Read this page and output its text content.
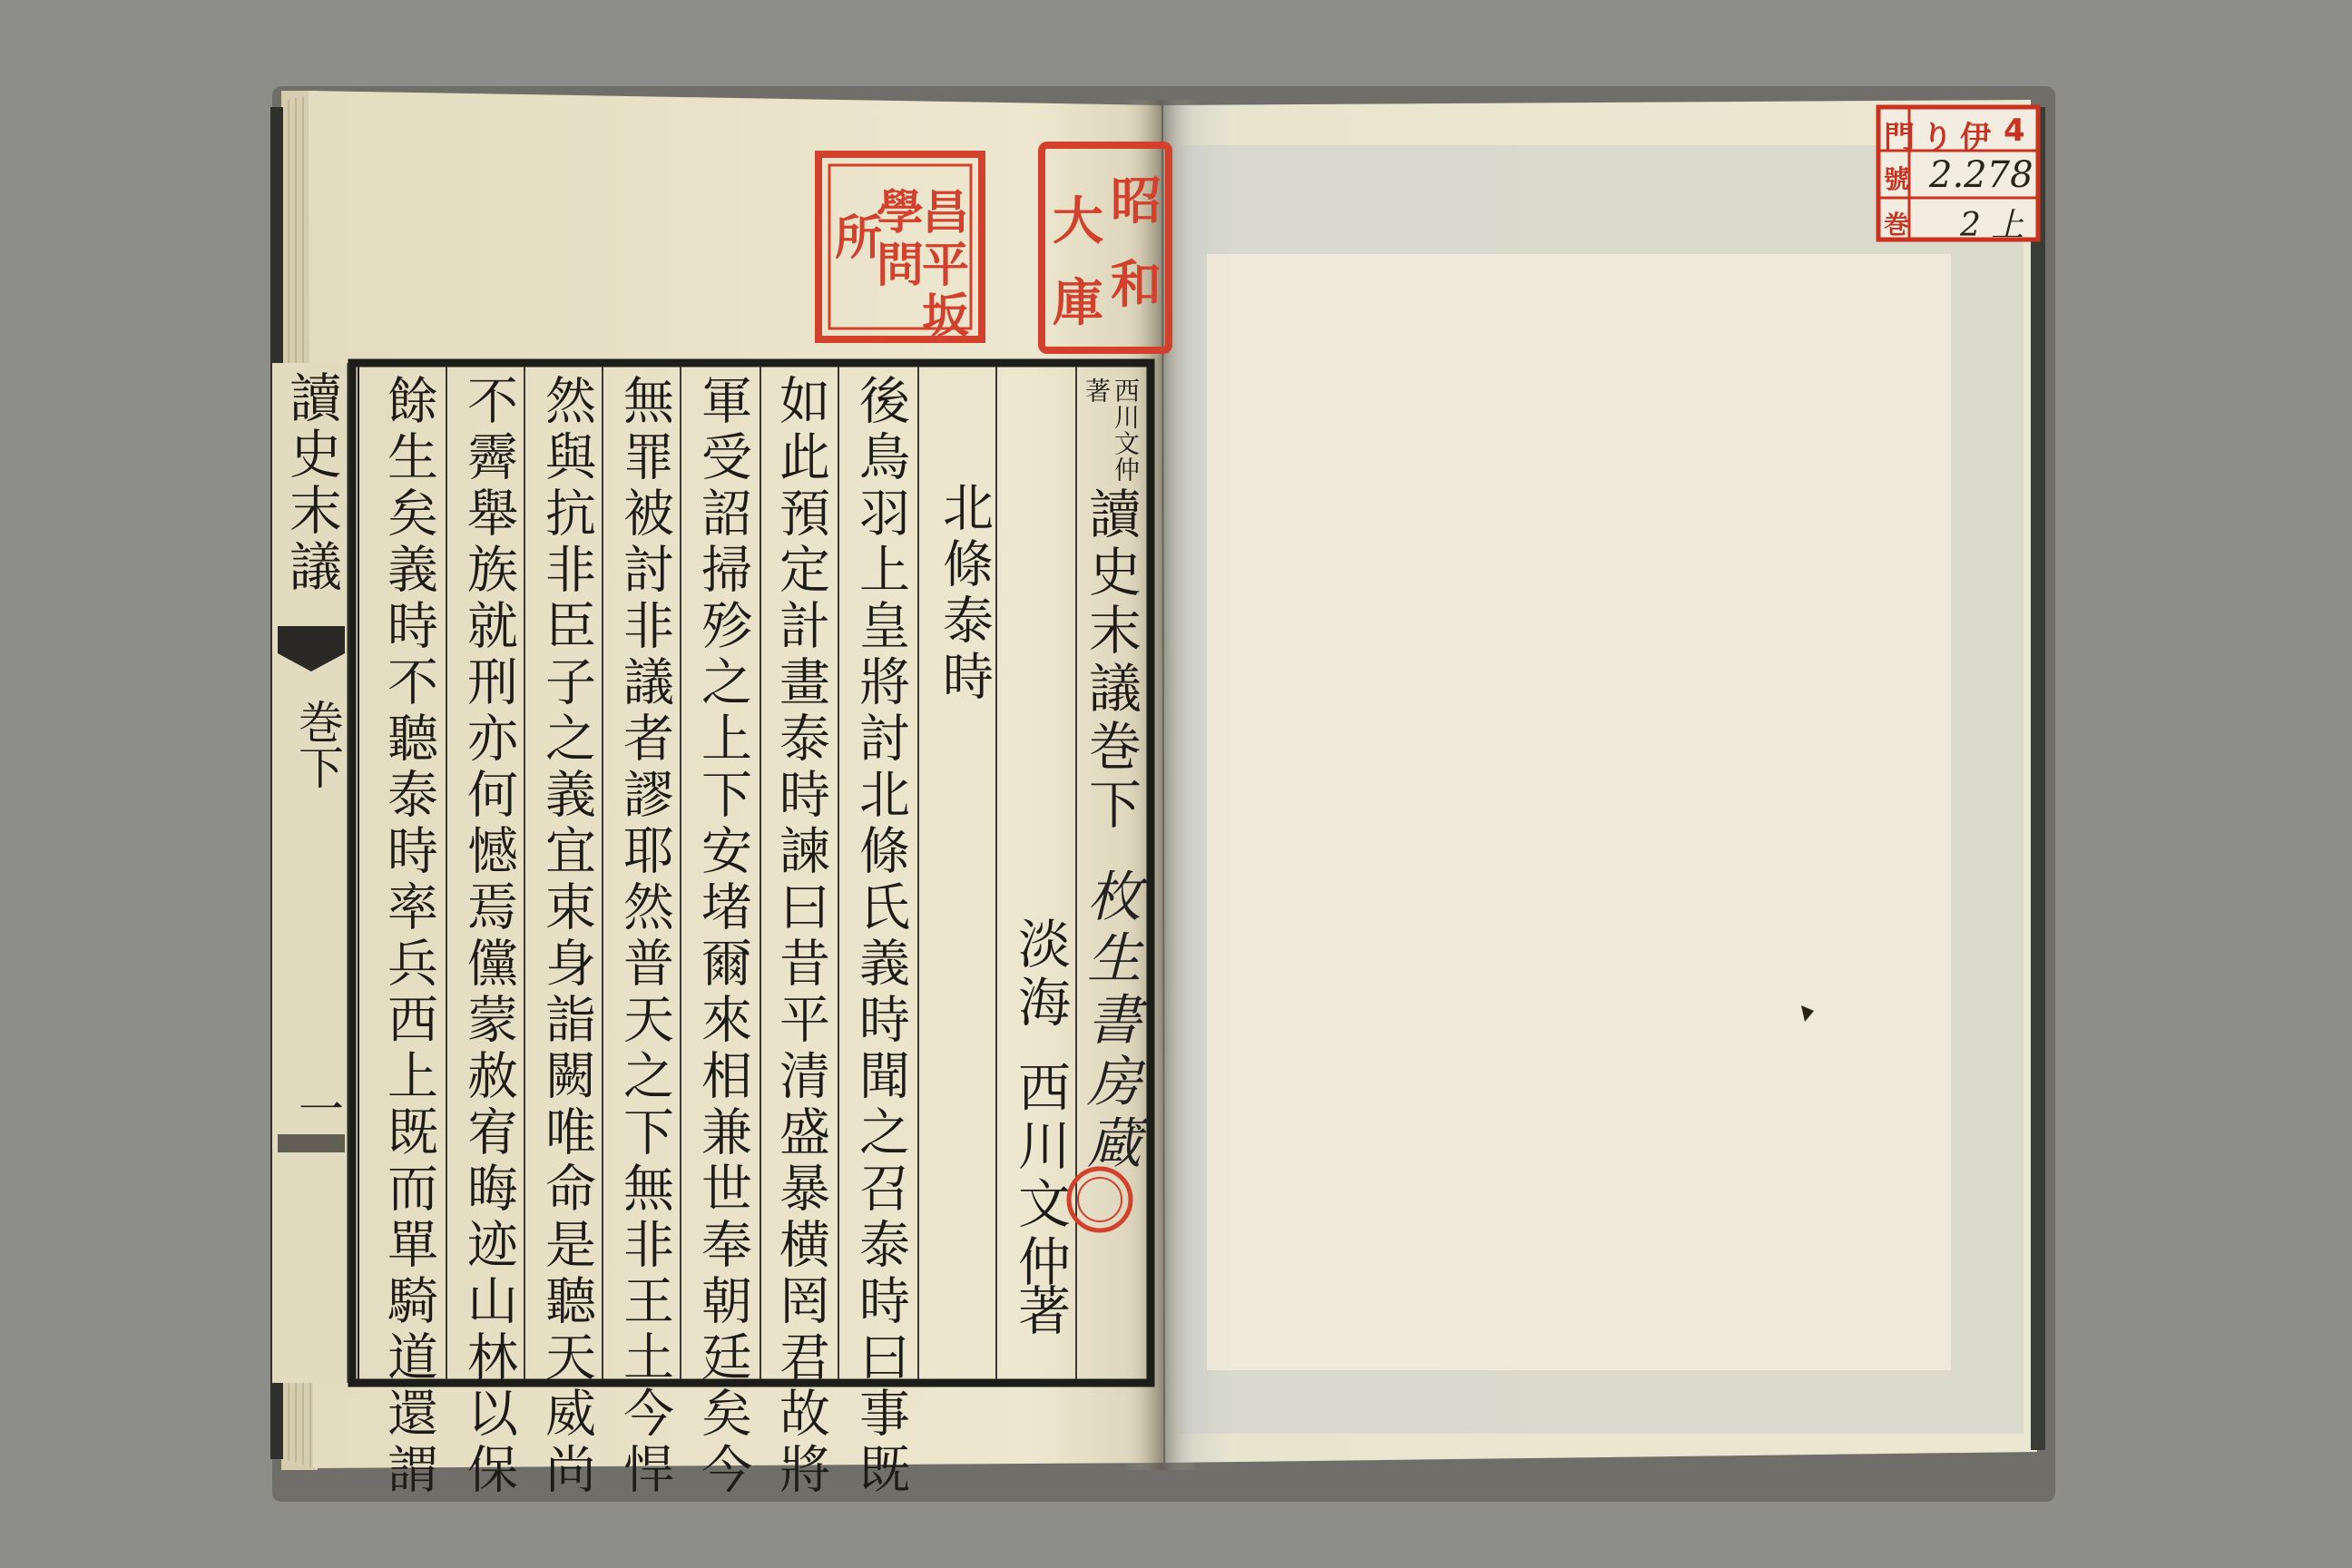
讀史末議
巻下
一
西川文仲著
讀史末議巻下
北條泰時
淡海
西川文仲
著
枚生書房蔵
後鳥羽上皇將討北條氏義時聞之召泰時曰事既
如此預定計畫泰時諫曰昔平清盛暴横罔君故將
軍受詔掃殄之上下安堵爾來相兼世奉朝廷矣今
無罪被討非議者謬耶然普天之下無非王土今悍
然與抗非臣子之義宜束身詣闕唯命是聽天威尚
不霽舉族就刑亦何憾焉儻蒙赦宥晦迹山林以保
餘生矣義時不聽泰時率兵西上既而單騎道還謂
昌
平
坂
學
問
所
昭
和
大
庫
門 り 伊 4
號 2.278
巻 2 上
